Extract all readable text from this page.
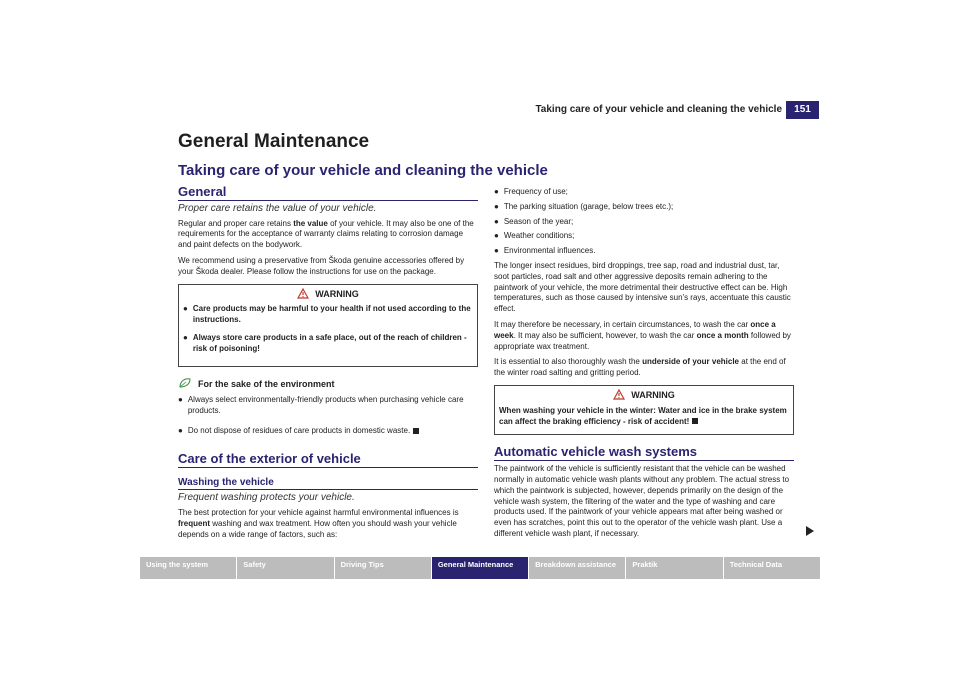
Taking care of your vehicle and cleaning the vehicle	151
General Maintenance
Taking care of your vehicle and cleaning the vehicle
General
Proper care retains the value of your vehicle.

Regular and proper care retains the value of your vehicle. It may also be one of the requirements for the acceptance of warranty claims relating to corrosion damage and paint defects on the bodywork.

We recommend using a preservative from Škoda genuine accessories offered by your Škoda dealer. Please follow the instructions for use on the package.

WARNING
● Care products may be harmful to your health if not used according to the instructions.

● Always store care products in a safe place, out of the reach of children - risk of poisoning!

For the sake of the environment
● Always select environmentally-friendly products when purchasing vehicle care products.

● Do not dispose of residues of care products in domestic waste.

Care of the exterior of vehicle
Washing the vehicle
Frequent washing protects your vehicle.

The best protection for your vehicle against harmful environmental influences is frequent washing and wax treatment. How often you should wash your vehicle depends on a wide range of factors, such as:

● Frequency of use;
● The parking situation (garage, below trees etc.);
● Season of the year;
● Weather conditions;
● Environmental influences.

The longer insect residues, bird droppings, tree sap, road and industrial dust, tar, soot particles, road salt and other aggressive deposits remain adhering to the paintwork of your vehicle, the more detrimental their destructive effect can be. High temperatures, such as those caused by intensive sun's rays, accentuate this caustic effect.

It may therefore be necessary, in certain circumstances, to wash the car once a week. It may also be sufficient, however, to wash the car once a month followed by appropriate wax treatment.

It is essential to also thoroughly wash the underside of your vehicle at the end of the winter road salting and gritting period.

WARNING

When washing your vehicle in the winter: Water and ice in the brake system can affect the braking efficiency - risk of accident!

Automatic vehicle wash systems

The paintwork of the vehicle is sufficiently resistant that the vehicle can be washed normally in automatic vehicle wash plants without any problem. The actual stress to which the paintwork is subjected, however, depends primarily on the design of the vehicle wash system, the filtering of the water and the type of washing and care products used. If the paintwork of your vehicle appears mat after being washed or even has scratches, point this out to the operator of the vehicle wash plant. Use a different vehicle wash plant, if necessary.

Using the system	Safety	Driving Tips	General Maintenance	Breakdown assistance	Praktik	Technical Data
